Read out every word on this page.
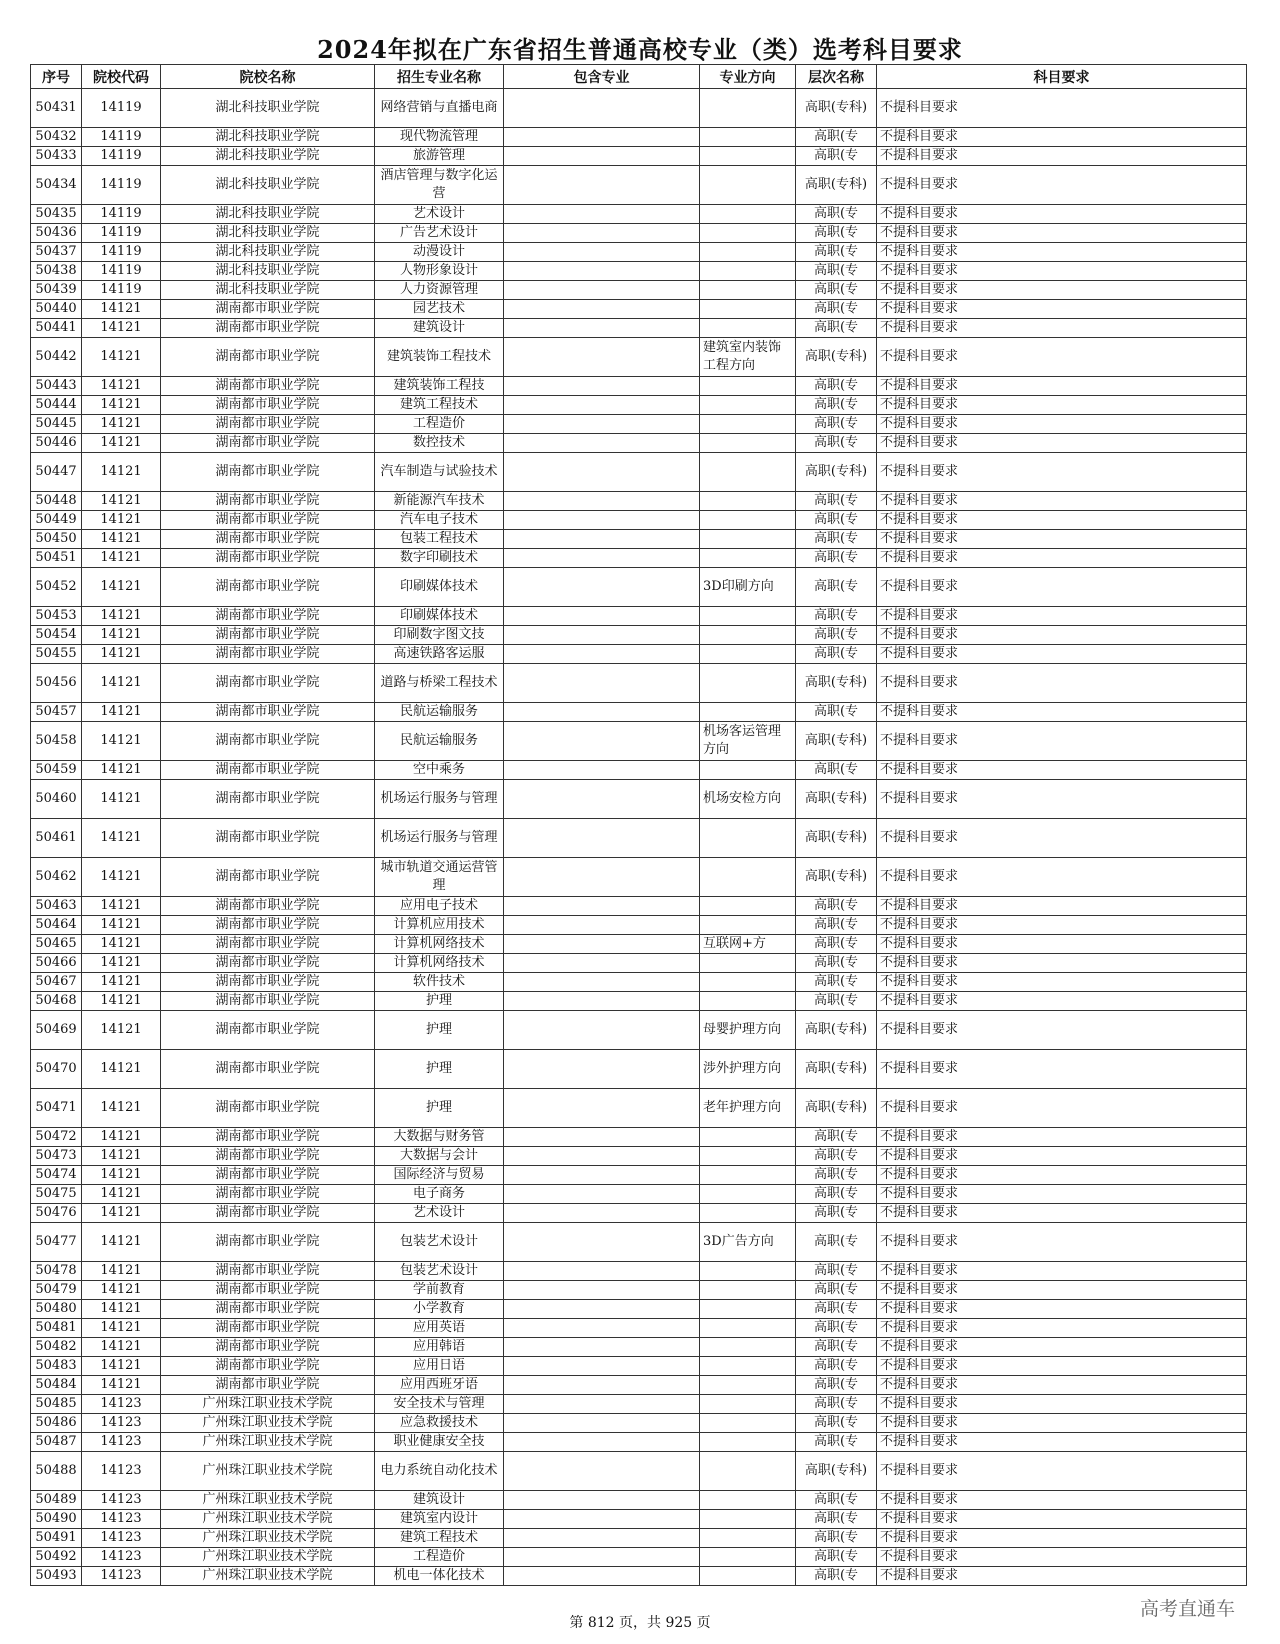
2024年拟在广东省招生普通高校专业（类）选考科目要求
序号	院校代码	院校名称	招生专业名称	包含专业	专业方向	层次名称	科目要求
50431	14119	湖北科技职业学院	网络营销与直播电商			高职(专科)	不提科目要求
50432	14119	湖北科技职业学院	现代物流管理			高职(专	不提科目要求
50433	14119	湖北科技职业学院	旅游管理			高职(专	不提科目要求
50434	14119	湖北科技职业学院	酒店管理与数字化运营			高职(专科)	不提科目要求
50435	14119	湖北科技职业学院	艺术设计			高职(专	不提科目要求
50436	14119	湖北科技职业学院	广告艺术设计			高职(专	不提科目要求
50437	14119	湖北科技职业学院	动漫设计			高职(专	不提科目要求
50438	14119	湖北科技职业学院	人物形象设计			高职(专	不提科目要求
50439	14119	湖北科技职业学院	人力资源管理			高职(专	不提科目要求
50440	14121	湖南都市职业学院	园艺技术			高职(专	不提科目要求
50441	14121	湖南都市职业学院	建筑设计			高职(专	不提科目要求
50442	14121	湖南都市职业学院	建筑装饰工程技术		建筑室内装饰工程方向	高职(专科)	不提科目要求
50443	14121	湖南都市职业学院	建筑装饰工程技			高职(专	不提科目要求
50444	14121	湖南都市职业学院	建筑工程技术			高职(专	不提科目要求
50445	14121	湖南都市职业学院	工程造价			高职(专	不提科目要求
50446	14121	湖南都市职业学院	数控技术			高职(专	不提科目要求
50447	14121	湖南都市职业学院	汽车制造与试验技术			高职(专科)	不提科目要求
50448	14121	湖南都市职业学院	新能源汽车技术			高职(专	不提科目要求
50449	14121	湖南都市职业学院	汽车电子技术			高职(专	不提科目要求
50450	14121	湖南都市职业学院	包装工程技术			高职(专	不提科目要求
50451	14121	湖南都市职业学院	数字印刷技术			高职(专	不提科目要求
50452	14121	湖南都市职业学院	印刷媒体技术		3D印刷方向	高职(专	不提科目要求
50453	14121	湖南都市职业学院	印刷媒体技术			高职(专	不提科目要求
50454	14121	湖南都市职业学院	印刷数字图文技			高职(专	不提科目要求
50455	14121	湖南都市职业学院	高速铁路客运服			高职(专	不提科目要求
50456	14121	湖南都市职业学院	道路与桥梁工程技术			高职(专科)	不提科目要求
50457	14121	湖南都市职业学院	民航运输服务			高职(专	不提科目要求
50458	14121	湖南都市职业学院	民航运输服务		机场客运管理方向	高职(专科)	不提科目要求
50459	14121	湖南都市职业学院	空中乘务			高职(专	不提科目要求
50460	14121	湖南都市职业学院	机场运行服务与管理		机场安检方向	高职(专科)	不提科目要求
50461	14121	湖南都市职业学院	机场运行服务与管理			高职(专科)	不提科目要求
50462	14121	湖南都市职业学院	城市轨道交通运营管理			高职(专科)	不提科目要求
50463	14121	湖南都市职业学院	应用电子技术			高职(专	不提科目要求
50464	14121	湖南都市职业学院	计算机应用技术			高职(专	不提科目要求
50465	14121	湖南都市职业学院	计算机网络技术		互联网+方	高职(专	不提科目要求
50466	14121	湖南都市职业学院	计算机网络技术			高职(专	不提科目要求
50467	14121	湖南都市职业学院	软件技术			高职(专	不提科目要求
50468	14121	湖南都市职业学院	护理			高职(专	不提科目要求
50469	14121	湖南都市职业学院	护理		母婴护理方向	高职(专科)	不提科目要求
50470	14121	湖南都市职业学院	护理		涉外护理方向	高职(专科)	不提科目要求
50471	14121	湖南都市职业学院	护理		老年护理方向	高职(专科)	不提科目要求
50472	14121	湖南都市职业学院	大数据与财务管			高职(专	不提科目要求
50473	14121	湖南都市职业学院	大数据与会计			高职(专	不提科目要求
50474	14121	湖南都市职业学院	国际经济与贸易			高职(专	不提科目要求
50475	14121	湖南都市职业学院	电子商务			高职(专	不提科目要求
50476	14121	湖南都市职业学院	艺术设计			高职(专	不提科目要求
50477	14121	湖南都市职业学院	包装艺术设计		3D广告方向	高职(专	不提科目要求
50478	14121	湖南都市职业学院	包装艺术设计			高职(专	不提科目要求
50479	14121	湖南都市职业学院	学前教育			高职(专	不提科目要求
50480	14121	湖南都市职业学院	小学教育			高职(专	不提科目要求
50481	14121	湖南都市职业学院	应用英语			高职(专	不提科目要求
50482	14121	湖南都市职业学院	应用韩语			高职(专	不提科目要求
50483	14121	湖南都市职业学院	应用日语			高职(专	不提科目要求
50484	14121	湖南都市职业学院	应用西班牙语			高职(专	不提科目要求
50485	14123	广州珠江职业技术学院	安全技术与管理			高职(专	不提科目要求
50486	14123	广州珠江职业技术学院	应急救援技术			高职(专	不提科目要求
50487	14123	广州珠江职业技术学院	职业健康安全技			高职(专	不提科目要求
50488	14123	广州珠江职业技术学院	电力系统自动化技术			高职(专科)	不提科目要求
50489	14123	广州珠江职业技术学院	建筑设计			高职(专	不提科目要求
50490	14123	广州珠江职业技术学院	建筑室内设计			高职(专	不提科目要求
50491	14123	广州珠江职业技术学院	建筑工程技术			高职(专	不提科目要求
50492	14123	广州珠江职业技术学院	工程造价			高职(专	不提科目要求
50493	14123	广州珠江职业技术学院	机电一体化技术			高职(专	不提科目要求
第 812 页，共 925 页
高考直通车
